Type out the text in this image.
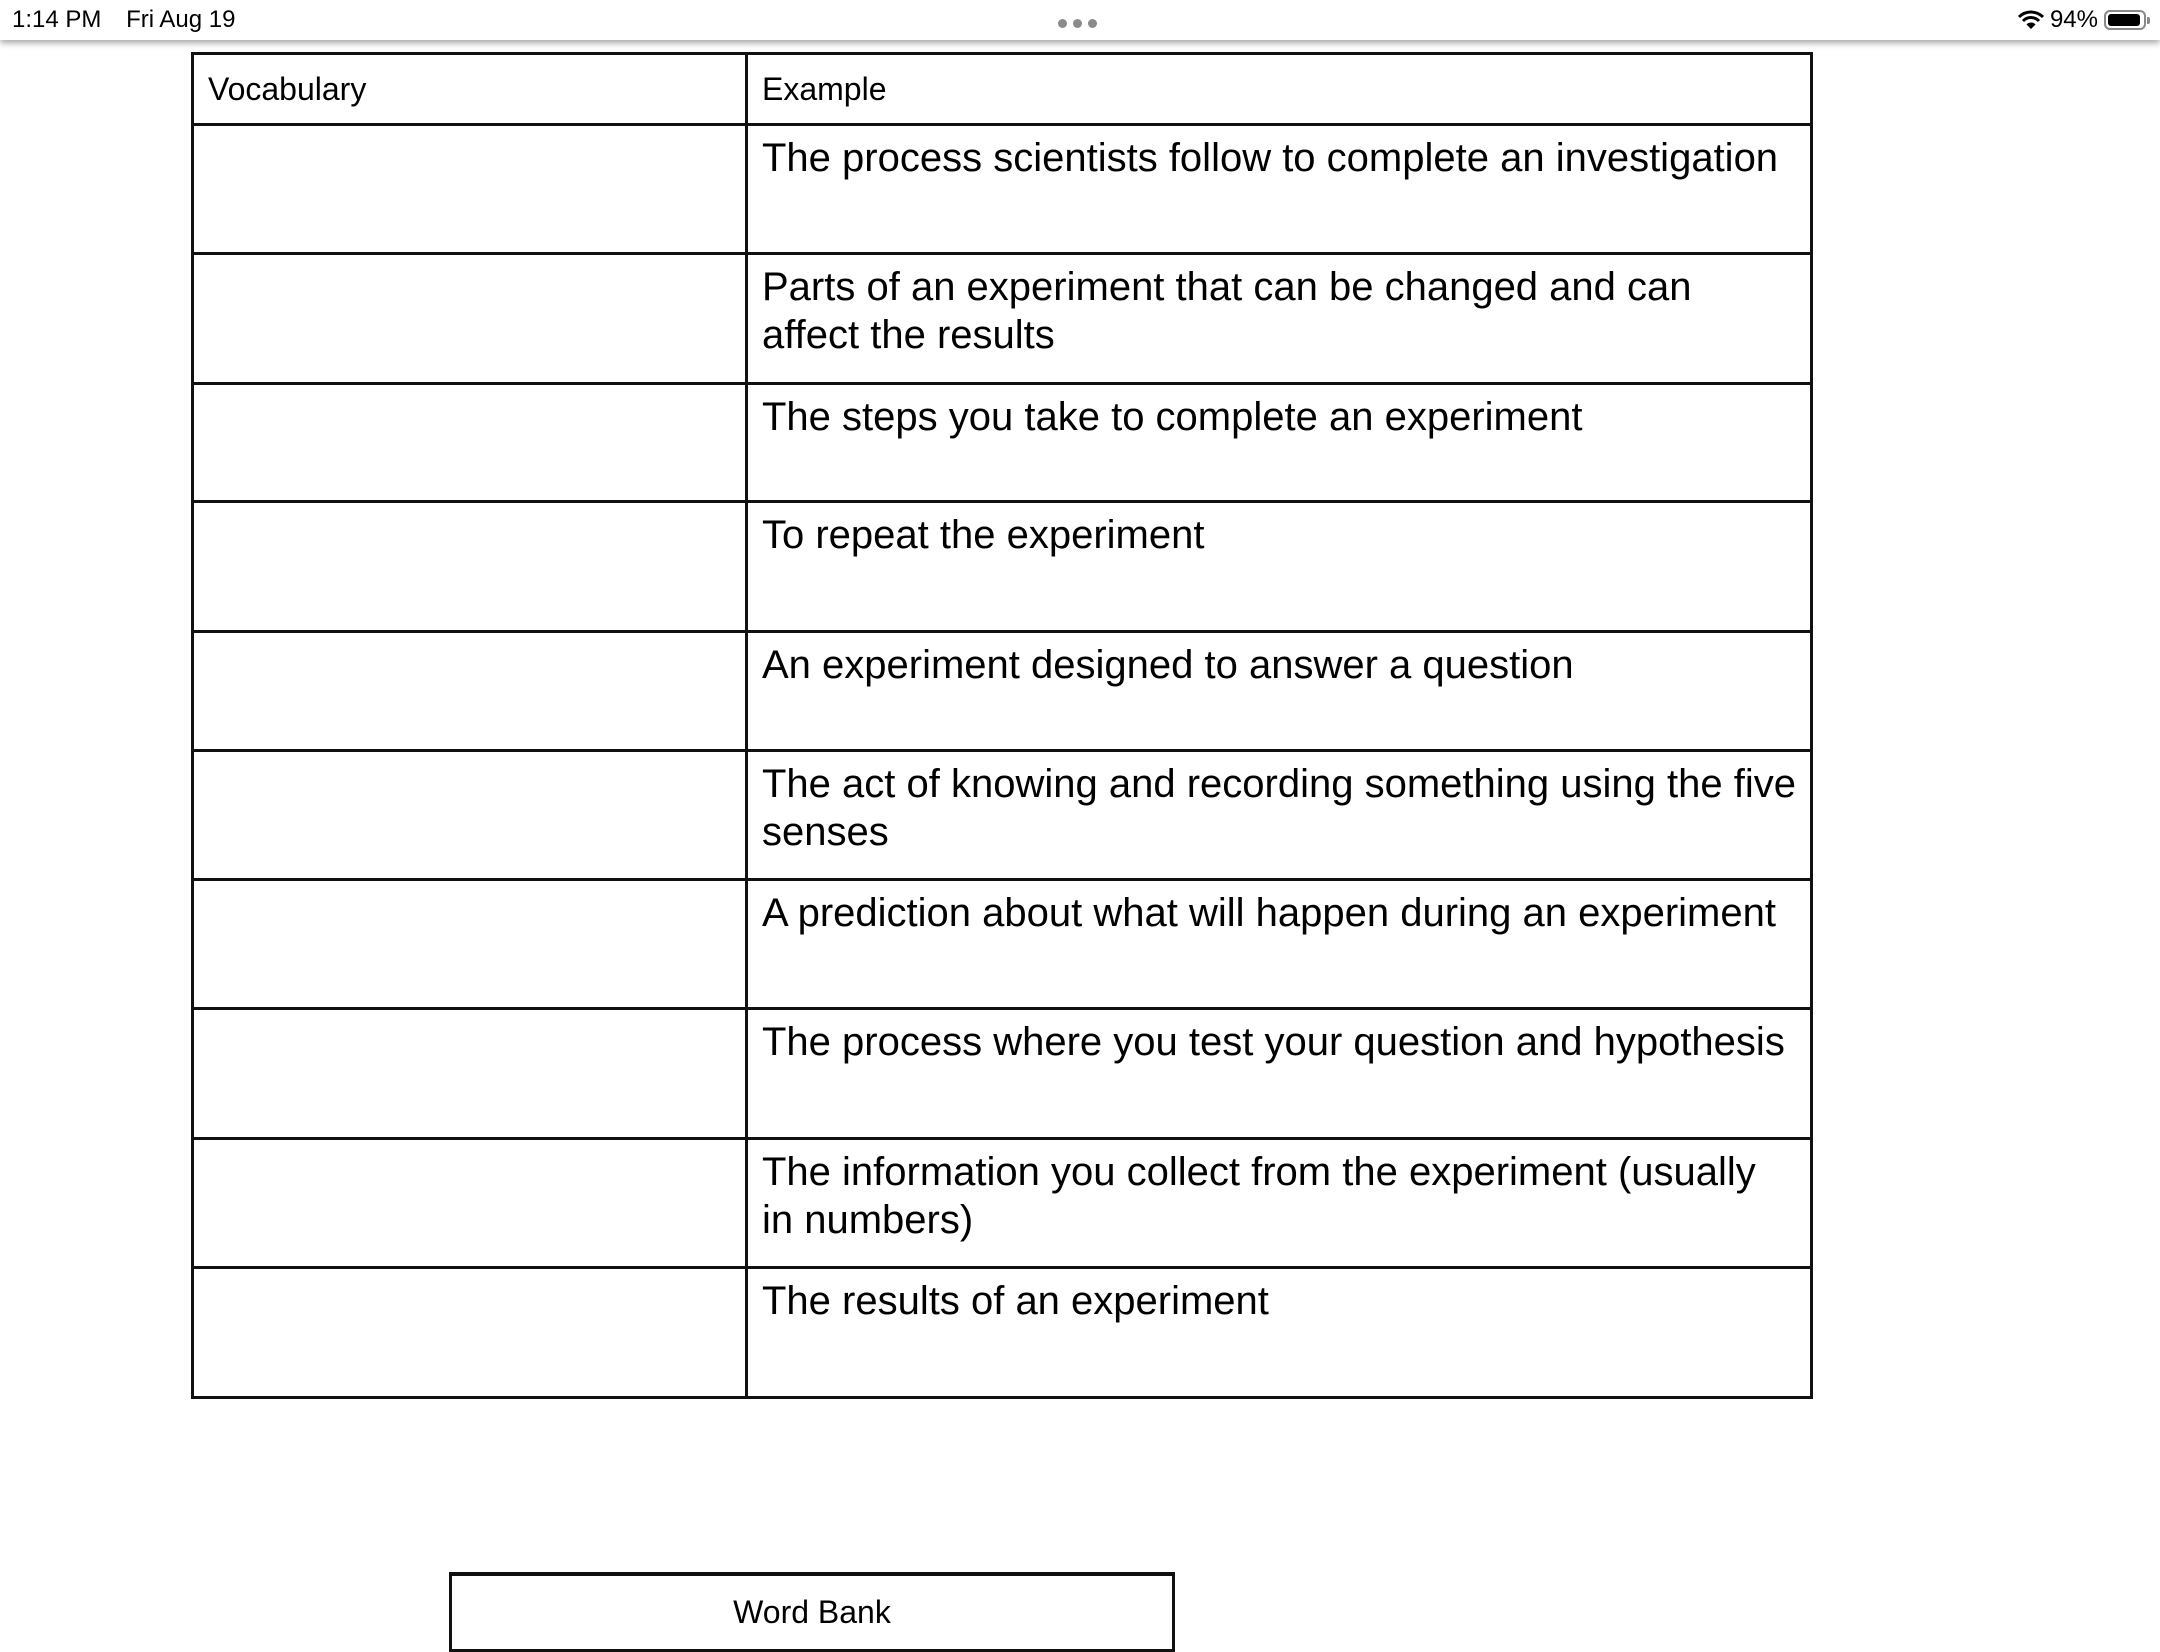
1:14 PM Fri Aug 19	94%
Vocabulary	Example
	The process scientists follow to complete an investigation
	Parts of an experiment that can be changed and can affect the results
	The steps you take to complete an experiment
	To repeat the experiment
	An experiment designed to answer a question
	The act of knowing and recording something using the five senses
	A prediction about what will happen during an experiment
	The process where you test your question and hypothesis
	The information you collect from the experiment (usually in numbers)
	The results of an experiment
Word Bank
